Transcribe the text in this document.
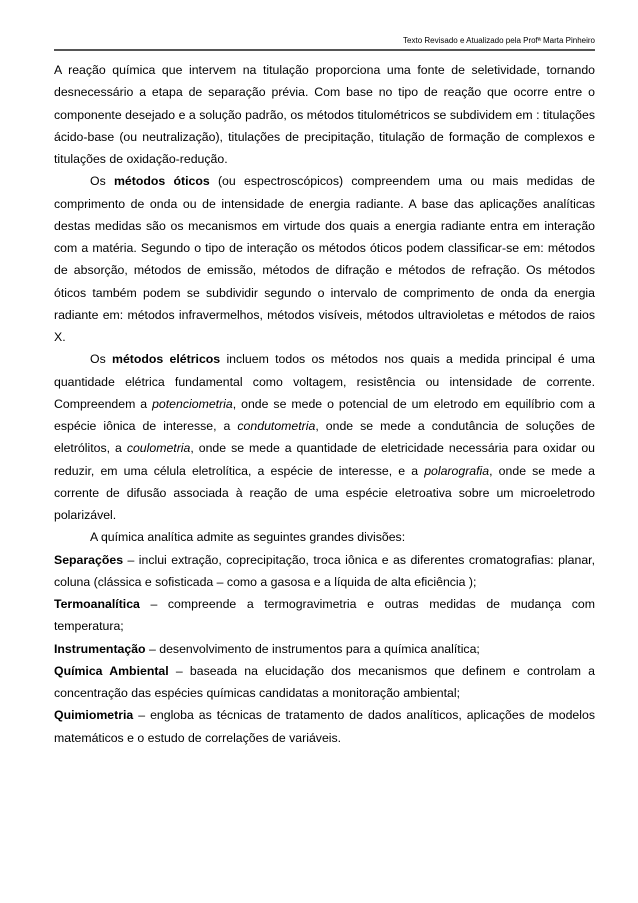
Texto Revisado e Atualizado pela Profª Marta Pinheiro

A reação química que intervem na titulação proporciona uma fonte de seletividade, tornando desnecessário a etapa de separação prévia. Com base no tipo de reação que ocorre entre o componente desejado e a solução padrão, os métodos titulométricos se subdividem em : titulações ácido-base (ou neutralização), titulações de precipitação, titulação de formação de complexos e titulações de oxidação-redução.

Os métodos óticos (ou espectroscópicos) compreendem uma ou mais medidas de comprimento de onda ou de intensidade de energia radiante. A base das aplicações analíticas destas medidas são os mecanismos em virtude dos quais a energia radiante entra em interação com a matéria. Segundo o tipo de interação os métodos óticos podem classificar-se em: métodos de absorção, métodos de emissão, métodos de difração e métodos de refração. Os métodos óticos também podem se subdividir segundo o intervalo de comprimento de onda da energia radiante em: métodos infravermelhos, métodos visíveis, métodos ultravioletas e métodos de raios X.

Os métodos elétricos incluem todos os métodos nos quais a medida principal é uma quantidade elétrica fundamental como voltagem, resistência ou intensidade de corrente. Compreendem a potenciometria, onde se mede o potencial de um eletrodo em equilíbrio com a espécie iônica de interesse, a condutometria, onde se mede a condutância de soluções de eletrólitos, a coulometria, onde se mede a quantidade de eletricidade necessária para oxidar ou reduzir, em uma célula eletrolítica, a espécie de interesse, e a polarografia, onde se mede a corrente de difusão associada à reação de uma espécie eletroativa sobre um microeletrodo polarizável.

A química analítica admite as seguintes grandes divisões:

Separações – inclui extração, coprecipitação, troca iônica e as diferentes cromatografias: planar, coluna (clássica e sofisticada – como a gasosa e a líquida de alta eficiência );

Termoanalítica – compreende a termogravimetria e outras medidas de mudança com temperatura;

Instrumentação – desenvolvimento de instrumentos para a química analítica;

Química Ambiental – baseada na elucidação dos mecanismos que definem e controlam a concentração das espécies químicas candidatas a monitoração ambiental;

Quimiometria – engloba as técnicas de tratamento de dados analíticos, aplicações de modelos matemáticos e o estudo de correlações de variáveis.
